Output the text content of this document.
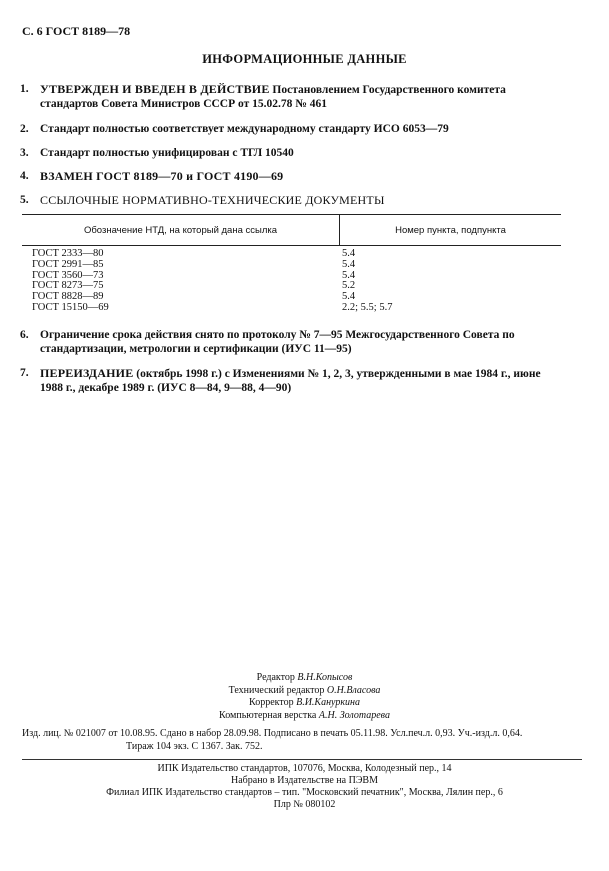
С. 6 ГОСТ 8189—78
ИНФОРМАЦИОННЫЕ ДАННЫЕ
1. УТВЕРЖДЕН И ВВЕДЕН В ДЕЙСТВИЕ Постановлением Государственного комитета стандартов Совета Министров СССР от 15.02.78 № 461
2. Стандарт полностью соответствует международному стандарту ИСО 6053—79
3. Стандарт полностью унифицирован с ТГЛ 10540
4. ВЗАМЕН ГОСТ 8189—70 и ГОСТ 4190—69
5. ССЫЛОЧНЫЕ НОРМАТИВНО-ТЕХНИЧЕСКИЕ ДОКУМЕНТЫ
Обозначение НТД, на который дана ссылка	Номер пункта, подпункта
ГОСТ 2333—80	5.4
ГОСТ 2991—85	5.4
ГОСТ 3560—73	5.4
ГОСТ 8273—75	5.2
ГОСТ 8828—89	5.4
ГОСТ 15150—69	2.2; 5.5; 5.7
6. Ограничение срока действия снято по протоколу № 7—95 Межгосударственного Совета по стандартизации, метрологии и сертификации (ИУС 11—95)
7. ПЕРЕИЗДАНИЕ (октябрь 1998 г.) с Изменениями № 1, 2, 3, утвержденными в мае 1984 г., июне 1988 г., декабре 1989 г. (ИУС 8—84, 9—88, 4—90)
Редактор В.Н.Копысов
Технический редактор О.Н.Власова
Корректор В.И.Кануркина
Компьютерная верстка А.Н. Золотарева
Изд. лиц. № 021007 от 10.08.95. Сдано в набор 28.09.98. Подписано в печать 05.11.98. Усл.печ.л. 0,93. Уч.-изд.л. 0,64.
Тираж 104 экз. С 1367. Зак. 752.
ИПК Издательство стандартов, 107076, Москва, Колодезный пер., 14
Набрано в Издательстве на ПЭВМ
Филиал ИПК Издательство стандартов – тип. "Московский печатник", Москва, Лялин пер., 6
Плр № 080102
